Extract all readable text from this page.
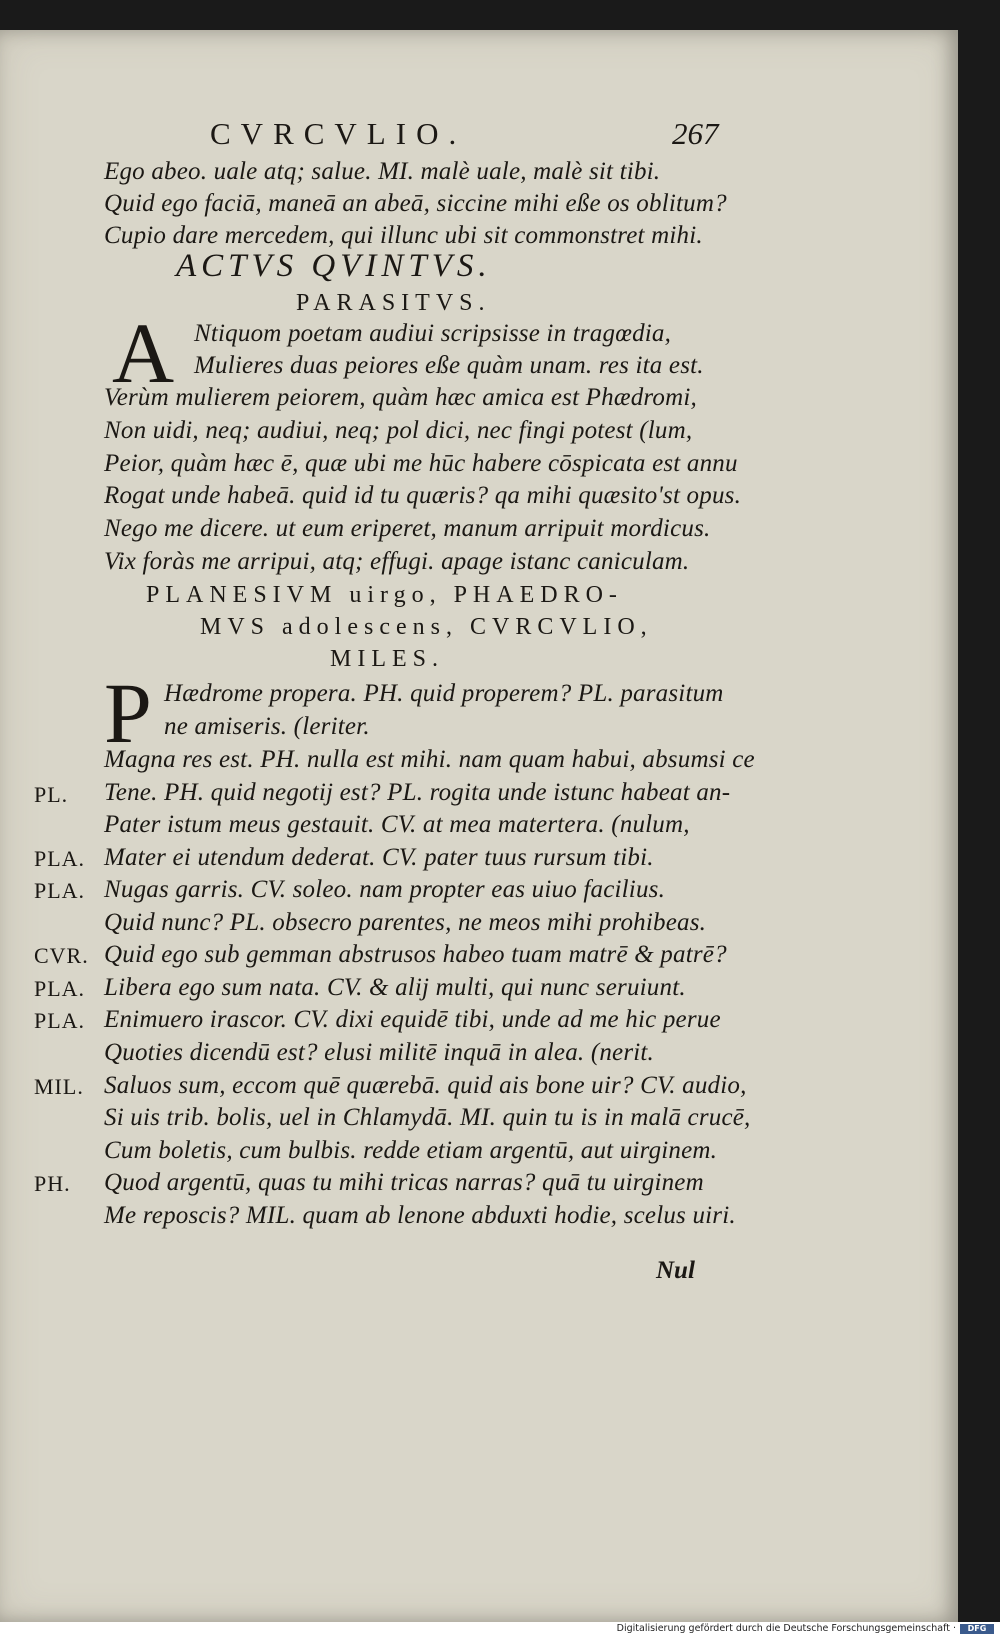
CVRCVLIO.	267
Ego abeo. uale atq; salue. MI. malè uale, malè sit tibi.
Quid ego faciā, maneā an abeā, siccine mihi eße os oblitum?
Cupio dare mercedem, qui illunc ubi sit commonstret mihi.
ACTVS QVINTVS.
PARASITVS.
A Ntiquom poetam audiui scripsisse in tragœdia,
Mulieres duas peiores eße quàm unam. res ita est.
Verùm mulierem peiorem, quàm hæc amica est Phædromi,
Non uidi, neq; audiui, neq; pol dici, nec fingi potest (lum,
Peior, quàm hæc ē, quæ ubi me hūc habere cōspicata est annu
Rogat unde habeā. quid id tu quæris? qa mihi quæsito'st opus.
Nego me dicere. ut eum eriperet, manum arripuit mordicus.
Vix foràs me arripui, atq; effugi. apage istanc caniculam.
PLANESIVM uirgo, PHAEDRO-
MVS adolescens, CVRCVLIO,
MILES.
P Hædrome propera. PH. quid properem? PL. parasitum
ne amiseris. (leriter.
Magna res est. PH. nulla est mihi. nam quam habui, absumsi ce
Tene. PH. quid negotij est? PL. rogita unde istunc habeat an-
Pater istum meus gestauit. CV. at mea matertera. (nulum,
Mater ei utendum dederat. CV. pater tuus rursum tibi.
Nugas garris. CV. soleo. nam propter eas uiuo facilius.
Quid nunc? PL. obsecro parentes, ne meos mihi prohibeas.
Quid ego sub gemman abstrusos habeo tuam matrē & patrē?
Libera ego sum nata. CV. & alij multi, qui nunc seruiunt.
Enimuero irascor. CV. dixi equidē tibi, unde ad me hic perue
Quoties dicendū est? elusi militē inquā in alea. (nerit.
Saluos sum, eccom quē quærebā. quid ais bone uir? CV. audio,
Si uis trib. bolis, uel in Chlamydā. MI. quin tu is in malā crucē,
Cum boletis, cum bulbis. redde etiam argentū, aut uirginem.
Quod argentū, quas tu mihi tricas narras? quā tu uirginem
Me reposcis? MIL. quam ab lenone abduxti hodie, scelus uiri.
PL.
PLA.
PLA.
CVR.
PLA.
PLA.
MIL.
PH.
Nul
Digitalisierung gefördert durch die Deutsche Forschungsgemeinschaft ·	DFG
